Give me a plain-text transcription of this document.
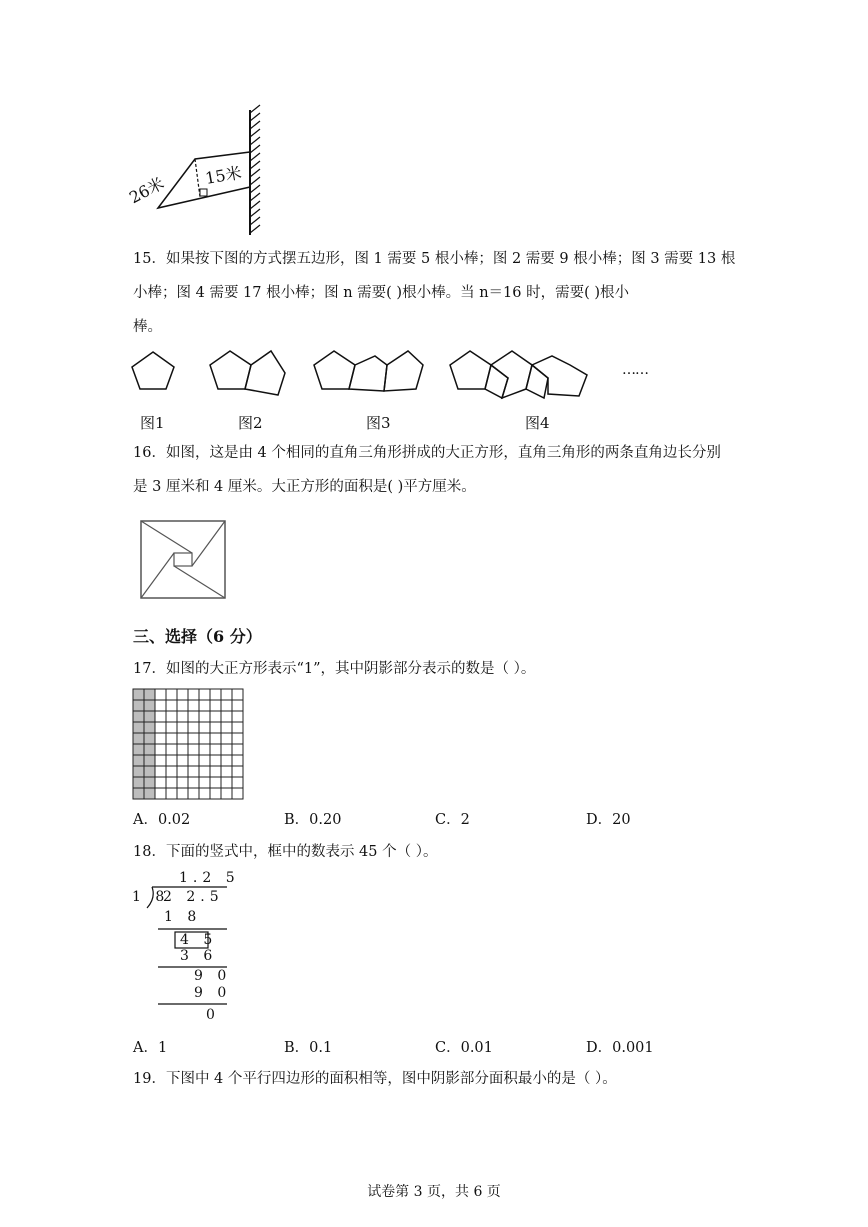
26米 15米
15．如果按下图的方式摆五边形，图 1 需要 5 根小棒；图 2 需要 9 根小棒；图 3 需要 13 根
小棒；图 4 需要 17 根小棒；图 n 需要( )根小棒。当 n＝16 时，需要( )根小
棒。
……
图1	图2	图3	图4
16．如图，这是由 4 个相同的直角三角形拼成的大正方形，直角三角形的两条直角边长分别
是 3 厘米和 4 厘米。大正方形的面积是( )平方厘米。
三、选择（6 分）
17．如图的大正方形表示“1”，其中阴影部分表示的数是（ ）。
A．0.02	B．0.20	C．2	D．20
18．下面的竖式中，框中的数表示 45 个（ ）。
1.2 5
1 8
2 2.5
1 8
4 5
3 6
9 0
9 0
0
A．1	B．0.1	C．0.01	D．0.001
19．下图中 4 个平行四边形的面积相等，图中阴影部分面积最小的是（ ）。
试卷第 3 页，共 6 页
